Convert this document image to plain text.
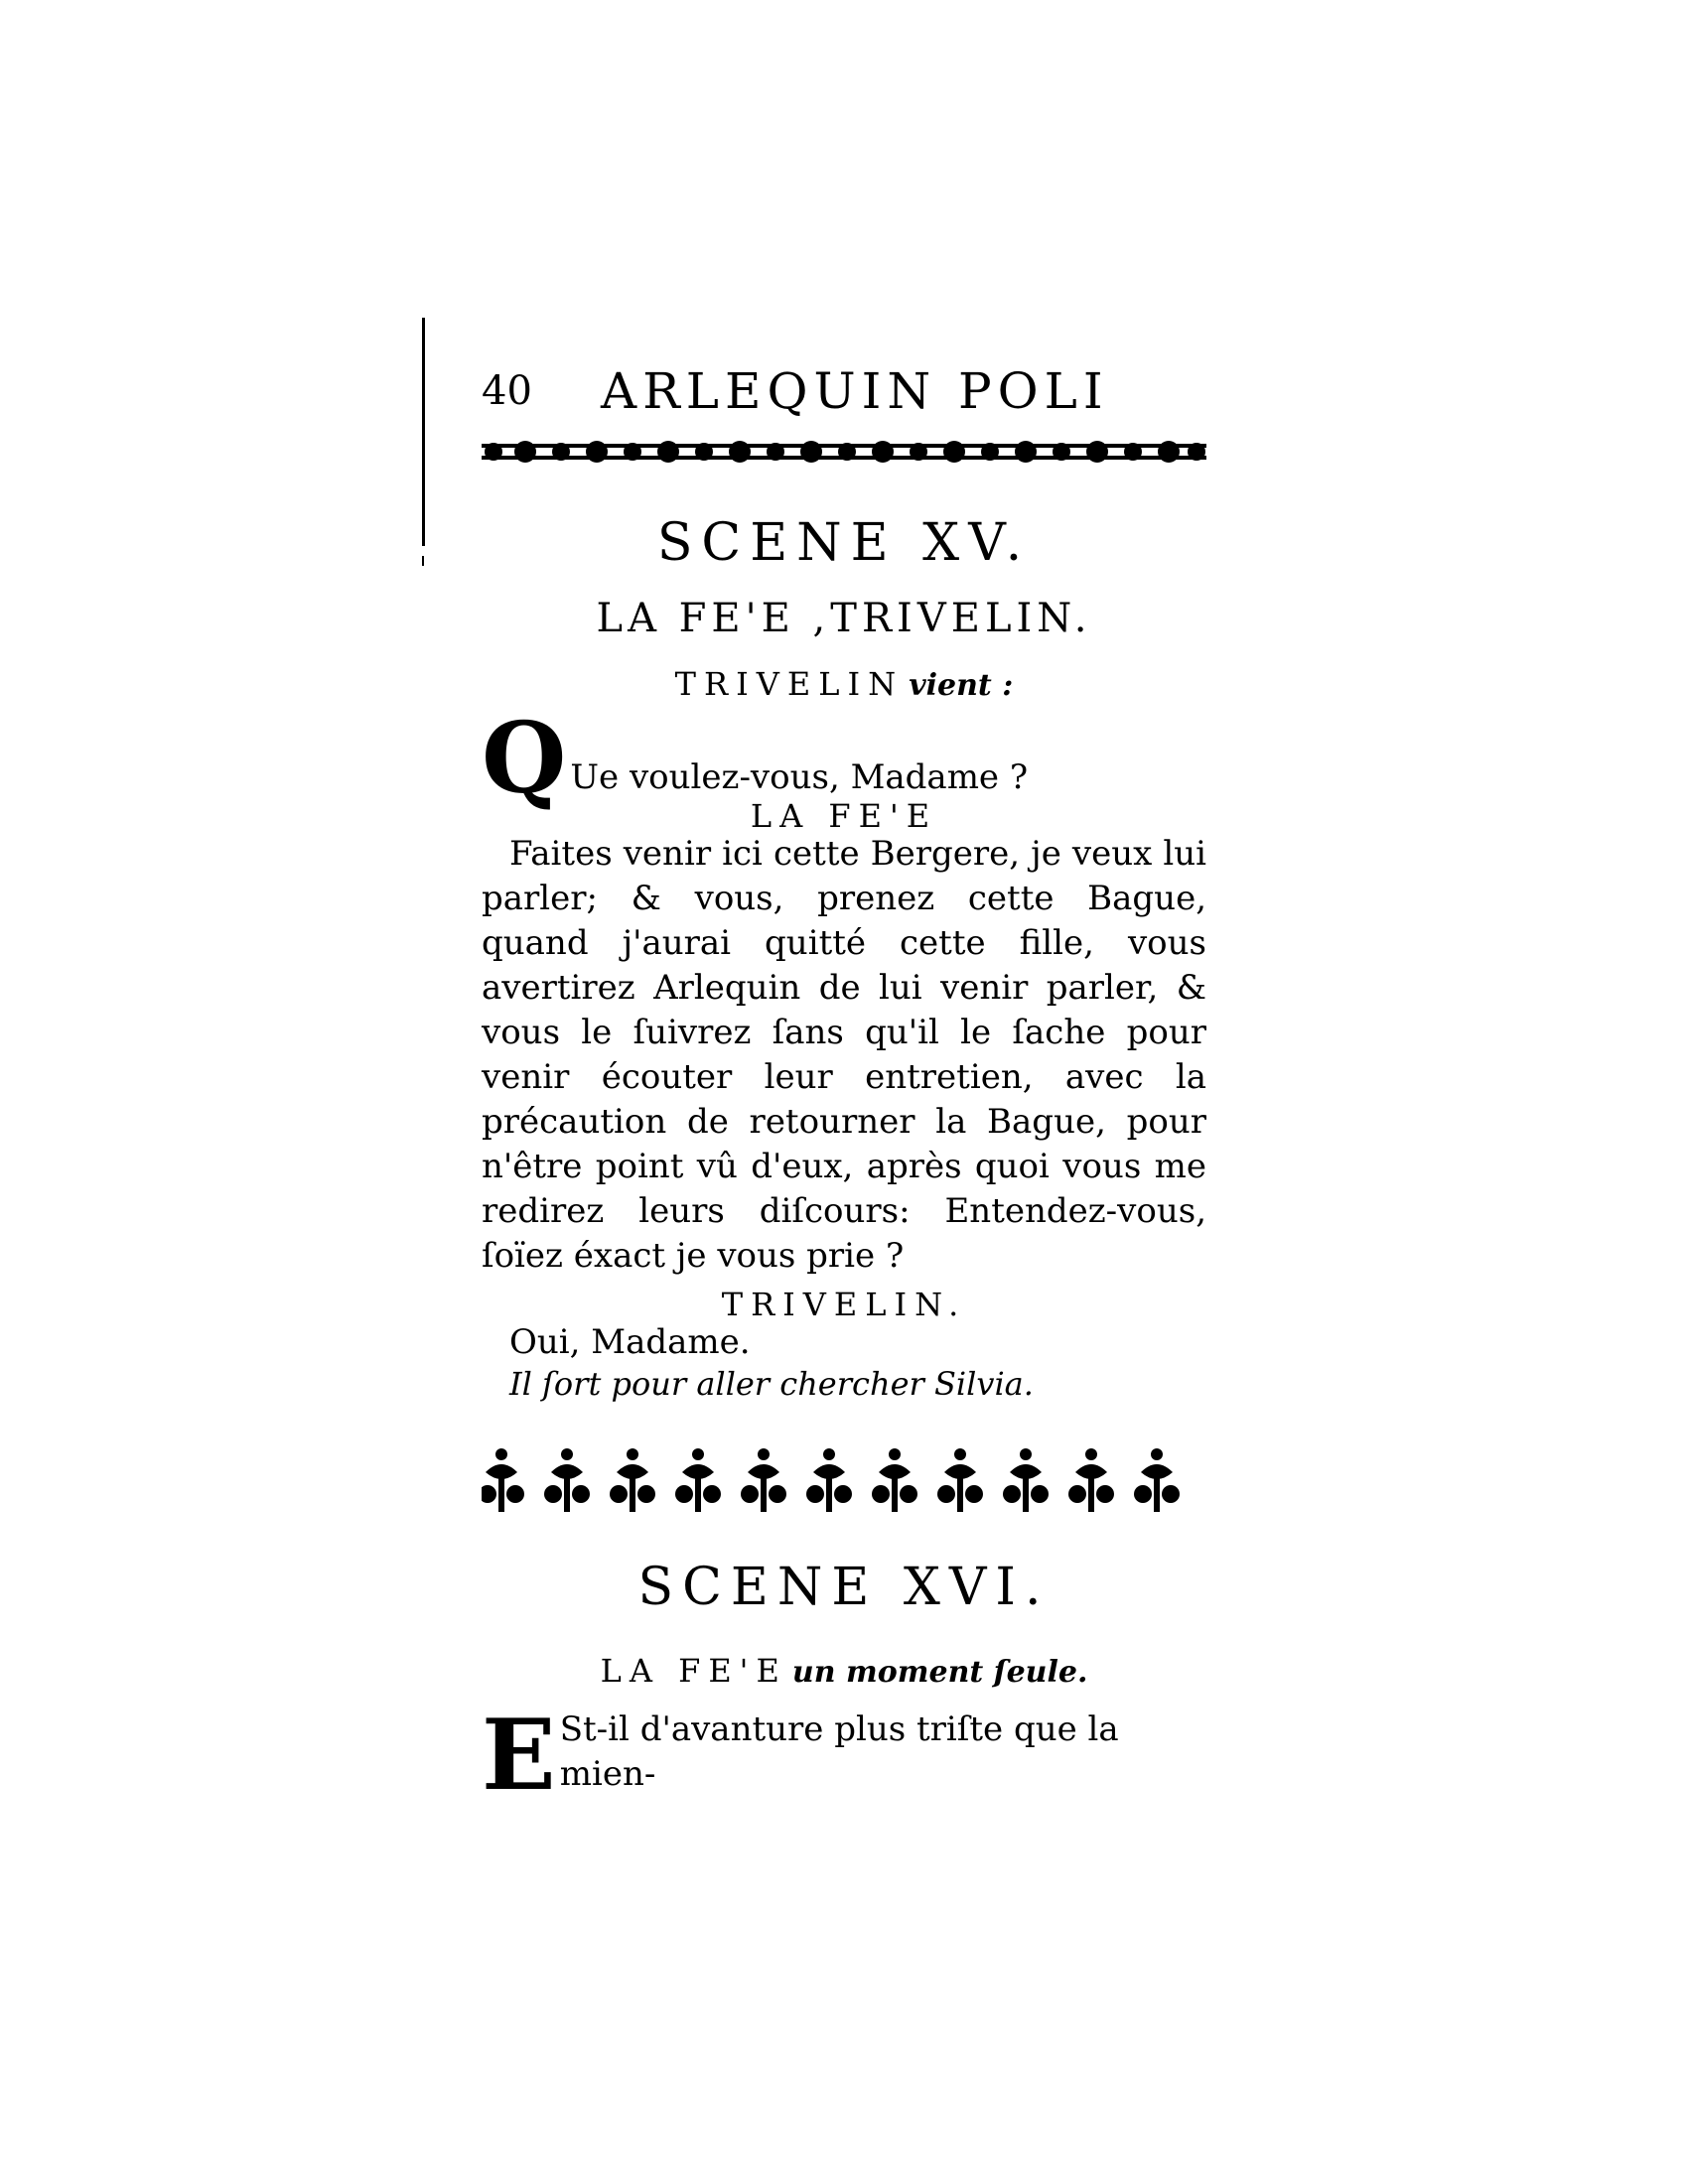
40 ARLEQUIN POLI

SCENE XV.

LA FE'E ,TRIVELIN.

TRIVELIN vient :

Q Ue voulez-vous, Madame ?

LA FE'E

Faites venir ici cette Bergere, je veux lui parler; & vous, prenez cette Bague, quand j'aurai quitté cette fille, vous avertirez Arlequin de lui venir parler, & vous le ſuivrez ſans qu'il le ſache pour venir écouter leur entretien, avec la précaution de retourner la Bague, pour n'être point vû d'eux, après quoi vous me redirez leurs diſcours: Entendez-vous, ſoïez éxact je vous prie ?

TRIVELIN.

Oui, Madame.

Il ſort pour aller chercher Silvia.

SCENE XVI.

LA FE'E un moment ſeule.

E St-il d'avanture plus triſte que la mien-
